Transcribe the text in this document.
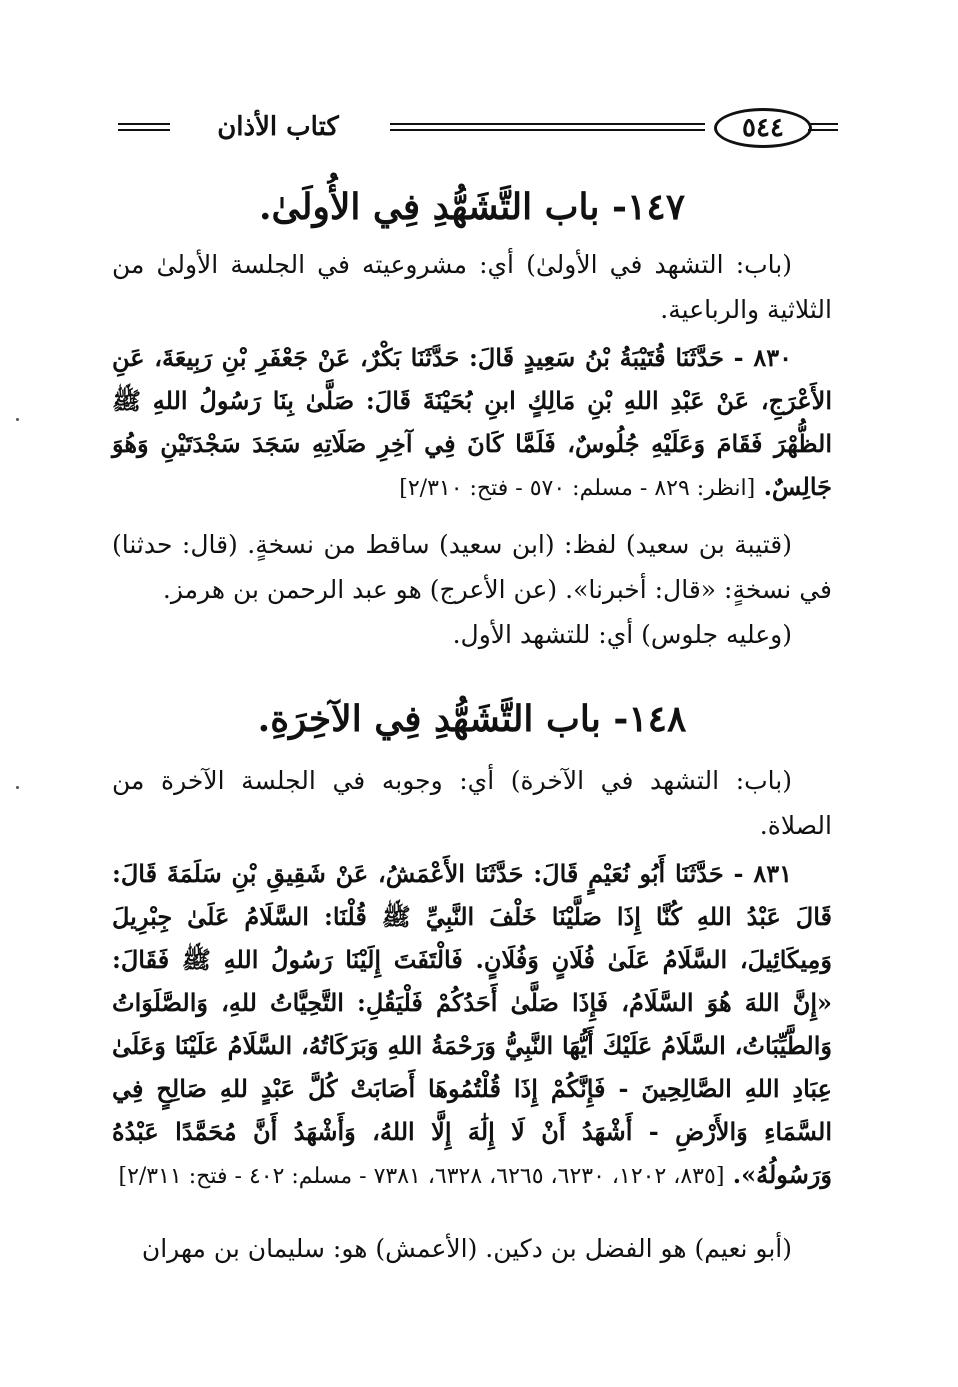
كتاب الأذان	٥٤٤
١٤٧- باب التَّشَهُّدِ فِي الأُولَىٰ.
(باب: التشهد في الأولىٰ) أي: مشروعيته في الجلسة الأولىٰ من الثلاثية والرباعية.
٨٣٠ - حَدَّثَنَا قُتَيْبَةُ بْنُ سَعِيدٍ قَالَ: حَدَّثَنَا بَكْرٌ، عَنْ جَعْفَرِ بْنِ رَبِيعَةَ، عَنِ الأَعْرَجِ، عَنْ عَبْدِ اللهِ بْنِ مَالِكٍ ابنِ بُحَيْنَةَ قَالَ: صَلَّىٰ بِنَا رَسُولُ اللهِ ﷺ الظُّهْرَ فَقَامَ وَعَلَيْهِ جُلُوسٌ، فَلَمَّا كَانَ فِي آخِرِ صَلَاتِهِ سَجَدَ سَجْدَتَيْنِ وَهُوَ جَالِسٌ. [انظر: ٨٢٩ - مسلم: ٥٧٠ - فتح: ٢/٣١٠]
(قتيبة بن سعيد) لفظ: (ابن سعيد) ساقط من نسخةٍ. (قال: حدثنا) في نسخةٍ: «قال: أخبرنا». (عن الأعرج) هو عبد الرحمن بن هرمز.
(وعليه جلوس) أي: للتشهد الأول.
١٤٨- باب التَّشَهُّدِ فِي الآخِرَةِ.
(باب: التشهد في الآخرة) أي: وجوبه في الجلسة الآخرة من الصلاة.
٨٣١ - حَدَّثَنَا أَبُو نُعَيْمٍ قَالَ: حَدَّثَنَا الأَعْمَشُ، عَنْ شَقِيقِ بْنِ سَلَمَةَ قَالَ: قَالَ عَبْدُ اللهِ كُنَّا إِذَا صَلَّيْنَا خَلْفَ النَّبِيِّ ﷺ قُلْنَا: السَّلَامُ عَلَىٰ جِبْرِيلَ وَمِيكَائِيلَ، السَّلَامُ عَلَىٰ فُلَانٍ وَفُلَانٍ. فَالْتَفَتَ إِلَيْنَا رَسُولُ اللهِ ﷺ فَقَالَ: «إِنَّ اللهَ هُوَ السَّلَامُ، فَإِذَا صَلَّىٰ أَحَدُكُمْ فَلْيَقُلِ: التَّحِيَّاتُ للهِ، وَالصَّلَوَاتُ وَالطَّيِّبَاتُ، السَّلَامُ عَلَيْكَ أَيُّهَا النَّبِيُّ وَرَحْمَةُ اللهِ وَبَرَكَاتُهُ، السَّلَامُ عَلَيْنَا وَعَلَىٰ عِبَادِ اللهِ الصَّالِحِينَ - فَإِنَّكُمْ إِذَا قُلْتُمُوهَا أَصَابَتْ كُلَّ عَبْدٍ للهِ صَالِحٍ فِي السَّمَاءِ وَالأَرْضِ - أَشْهَدُ أَنْ لَا إِلَٰهَ إِلَّا اللهُ، وَأَشْهَدُ أَنَّ مُحَمَّدًا عَبْدُهُ وَرَسُولُهُ». [٨٣٥، ١٢٠٢، ٦٢٣٠، ٦٢٦٥، ٦٣٢٨، ٧٣٨١ - مسلم: ٤٠٢ - فتح: ٢/٣١١]
(أبو نعيم) هو الفضل بن دكين. (الأعمش) هو: سليمان بن مهران
